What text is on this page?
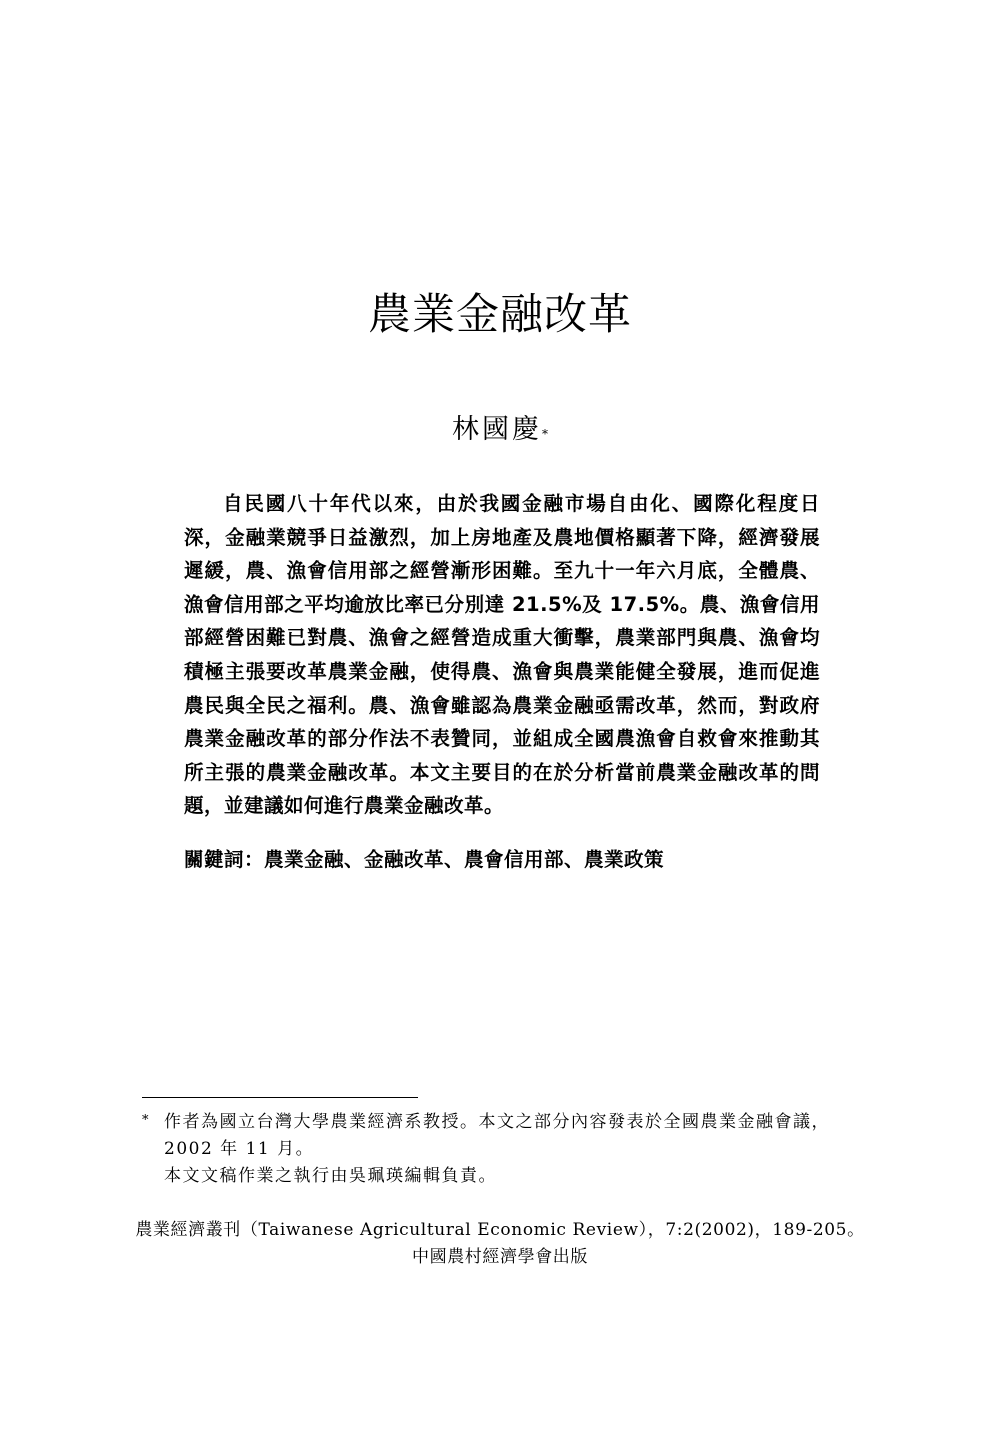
農業金融改革
林國慶*
自民國八十年代以來，由於我國金融市場自由化、國際化程度日深，金融業競爭日益激烈，加上房地產及農地價格顯著下降，經濟發展遲緩，農、漁會信用部之經營漸形困難。至九十一年六月底，全體農、漁會信用部之平均逾放比率已分別達 21.5%及 17.5%。農、漁會信用部經營困難已對農、漁會之經營造成重大衝擊，農業部門與農、漁會均積極主張要改革農業金融，使得農、漁會與農業能健全發展，進而促進農民與全民之福利。農、漁會雖認為農業金融亟需改革，然而，對政府農業金融改革的部分作法不表贊同，並組成全國農漁會自救會來推動其所主張的農業金融改革。本文主要目的在於分析當前農業金融改革的問題，並建議如何進行農業金融改革。
關鍵詞：農業金融、金融改革、農會信用部、農業政策
* 作者為國立台灣大學農業經濟系教授。本文之部分內容發表於全國農業金融會議，2002 年 11 月。
本文文稿作業之執行由吳珮瑛編輯負責。
農業經濟叢刊（Taiwanese Agricultural Economic Review），7:2(2002)，189-205。
中國農村經濟學會出版
